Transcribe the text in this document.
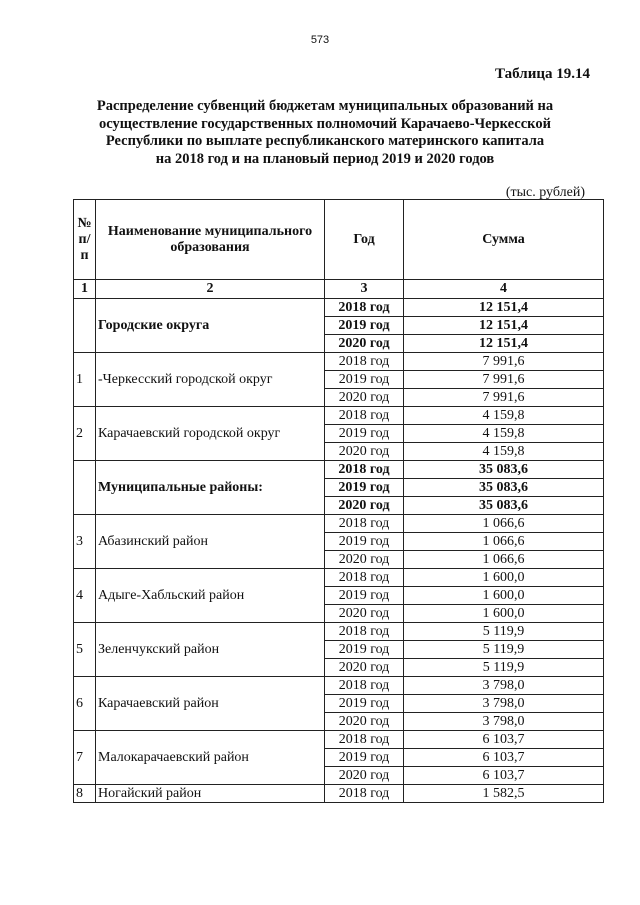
573
Таблица 19.14
Распределение субвенций бюджетам муниципальных образований на
осуществление государственных полномочий Карачаево-Черкесской
Республики по выплате республиканского материнского капитала
на 2018 год и на плановый период 2019 и 2020 годов
(тыс. рублей)
№
п/
п	Наименование муниципального образования	Год	Сумма
1	2	3	4
	Городские округа	2018 год	12 151,4
		2019 год	12 151,4
		2020 год	12 151,4
1	-Черкесский городской округ	2018 год	7 991,6
		2019 год	7 991,6
		2020 год	7 991,6
2	Карачаевский городской округ	2018 год	4 159,8
		2019 год	4 159,8
		2020 год	4 159,8
	Муниципальные районы:	2018 год	35 083,6
		2019 год	35 083,6
		2020 год	35 083,6
3	Абазинский район	2018 год	1 066,6
		2019 год	1 066,6
		2020 год	1 066,6
4	Адыге-Хабльский район	2018 год	1 600,0
		2019 год	1 600,0
		2020 год	1 600,0
5	Зеленчукский район	2018 год	5 119,9
		2019 год	5 119,9
		2020 год	5 119,9
6	Карачаевский район	2018 год	3 798,0
		2019 год	3 798,0
		2020 год	3 798,0
7	Малокарачаевский район	2018 год	6 103,7
		2019 год	6 103,7
		2020 год	6 103,7
8	Ногайский район	2018 год	1 582,5
